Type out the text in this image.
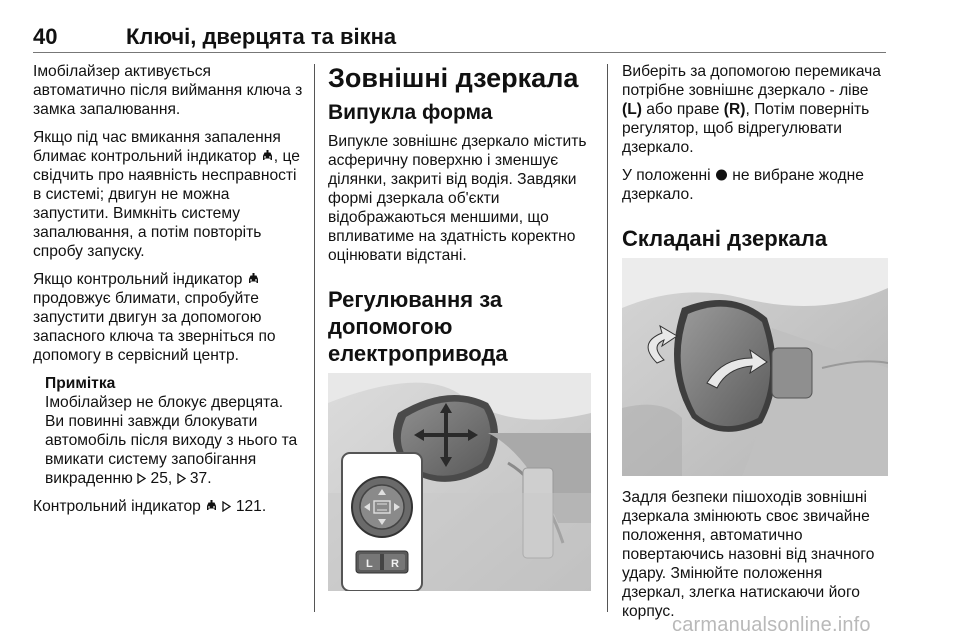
40	Ключі, дверцята та вікна

Імобілайзер активується автоматично після виймання ключа з замка запалювання.

Якщо під час вмикання запалення блимає контрольний індикатор , це свідчить про наявність несправності в системі; двигун не можна запустити. Вимкніть систему запалювання, а потім повторіть спробу запуску.

Якщо контрольний індикатор  продовжує блимати, спробуйте запустити двигун за допомогою запасного ключа та зверніться по допомогу в сервісний центр.

Примітка

Імобілайзер не блокує дверцята. Ви повинні завжди блокувати автомобіль після виходу з нього та вмикати систему запобігання викраденню  25,  37.

Контрольний індикатор   121.

Зовнішні дзеркала
Випукла форма

Випукле зовнішнє дзеркало містить асферичну поверхню і зменшує ділянки, закриті від водія. Завдяки формі дзеркала об'єкти відображаються меншими, що впливатиме на здатність коректно оцінювати відстані.

Регулювання за
допомогою
електропривода
L R

Виберіть за допомогою перемикача потрібне зовнішнє дзеркало - ліве (L) або праве (R), Потім поверніть регулятор, щоб відрегулювати дзеркало.

У положенні  не вибране жодне дзеркало.

Складані дзеркала

Задля безпеки пішоходів зовнішні дзеркала змінюють своє звичайне положення, автоматично повертаючись назовні від значного удару. Змінюйте положення дзеркал, злегка натискаючи його корпус.

carmanualsonline.info
